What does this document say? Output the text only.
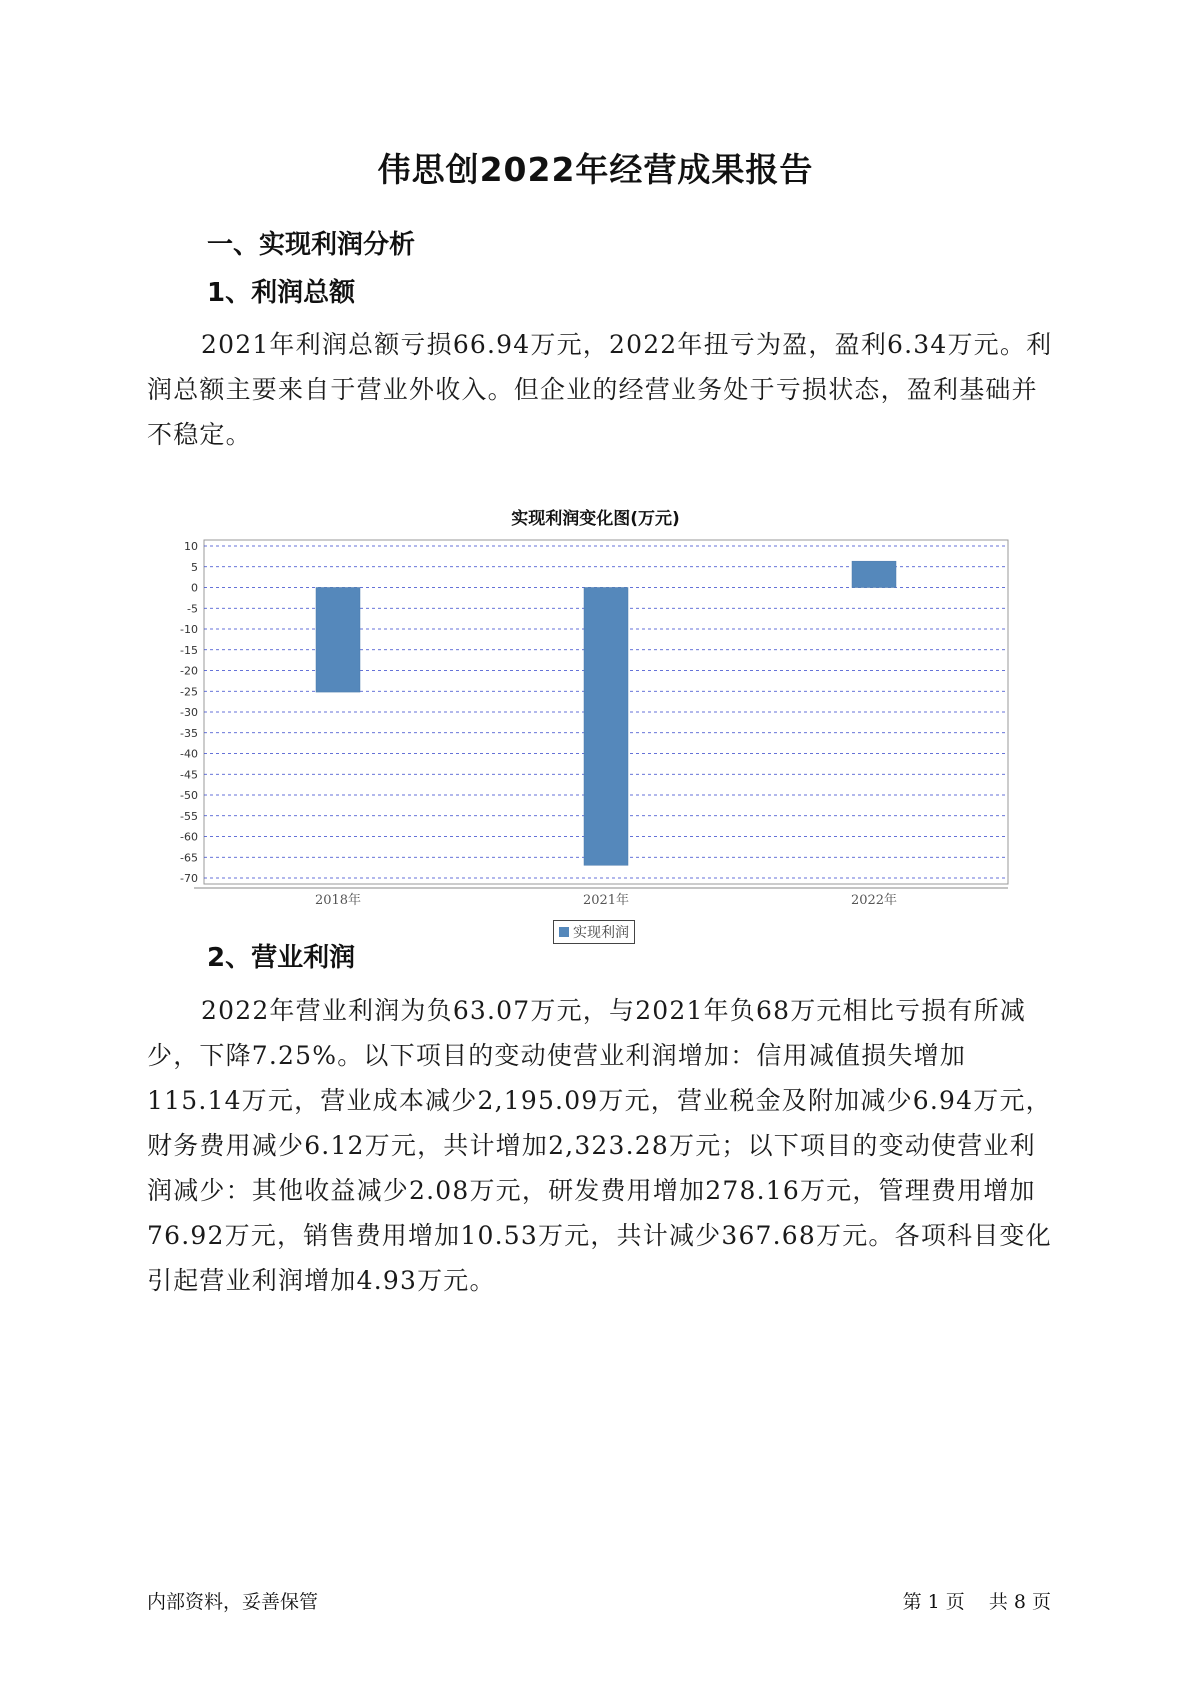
伟思创2022年经营成果报告
一、实现利润分析
1、利润总额

2021年利润总额亏损66.94万元，2022年扭亏为盈，盈利6.34万元。利润总额主要来自于营业外收入。但企业的经营业务处于亏损状态，盈利基础并不稳定。

实现利润变化图(万元)
10
5
0
-5
-10
-15
-20
-25
-30
-35
-40
-45
-50
-55
-60
-65
-70
2018年	2021年	2022年
2、营业利润

2022年营业利润为负63.07万元，与2021年负68万元相比亏损有所减少，下降7.25%。以下项目的变动使营业利润增加：信用减值损失增加115.14万元，营业成本减少2,195.09万元，营业税金及附加减少6.94万元，财务费用减少6.12万元，共计增加2,323.28万元；以下项目的变动使营业利润减少：其他收益减少2.08万元，研发费用增加278.16万元，管理费用增加76.92万元，销售费用增加10.53万元，共计减少367.68万元。各项科目变化引起营业利润增加4.93万元。

内部资料，妥善保管	第 1 页 共 8 页
实现利润
